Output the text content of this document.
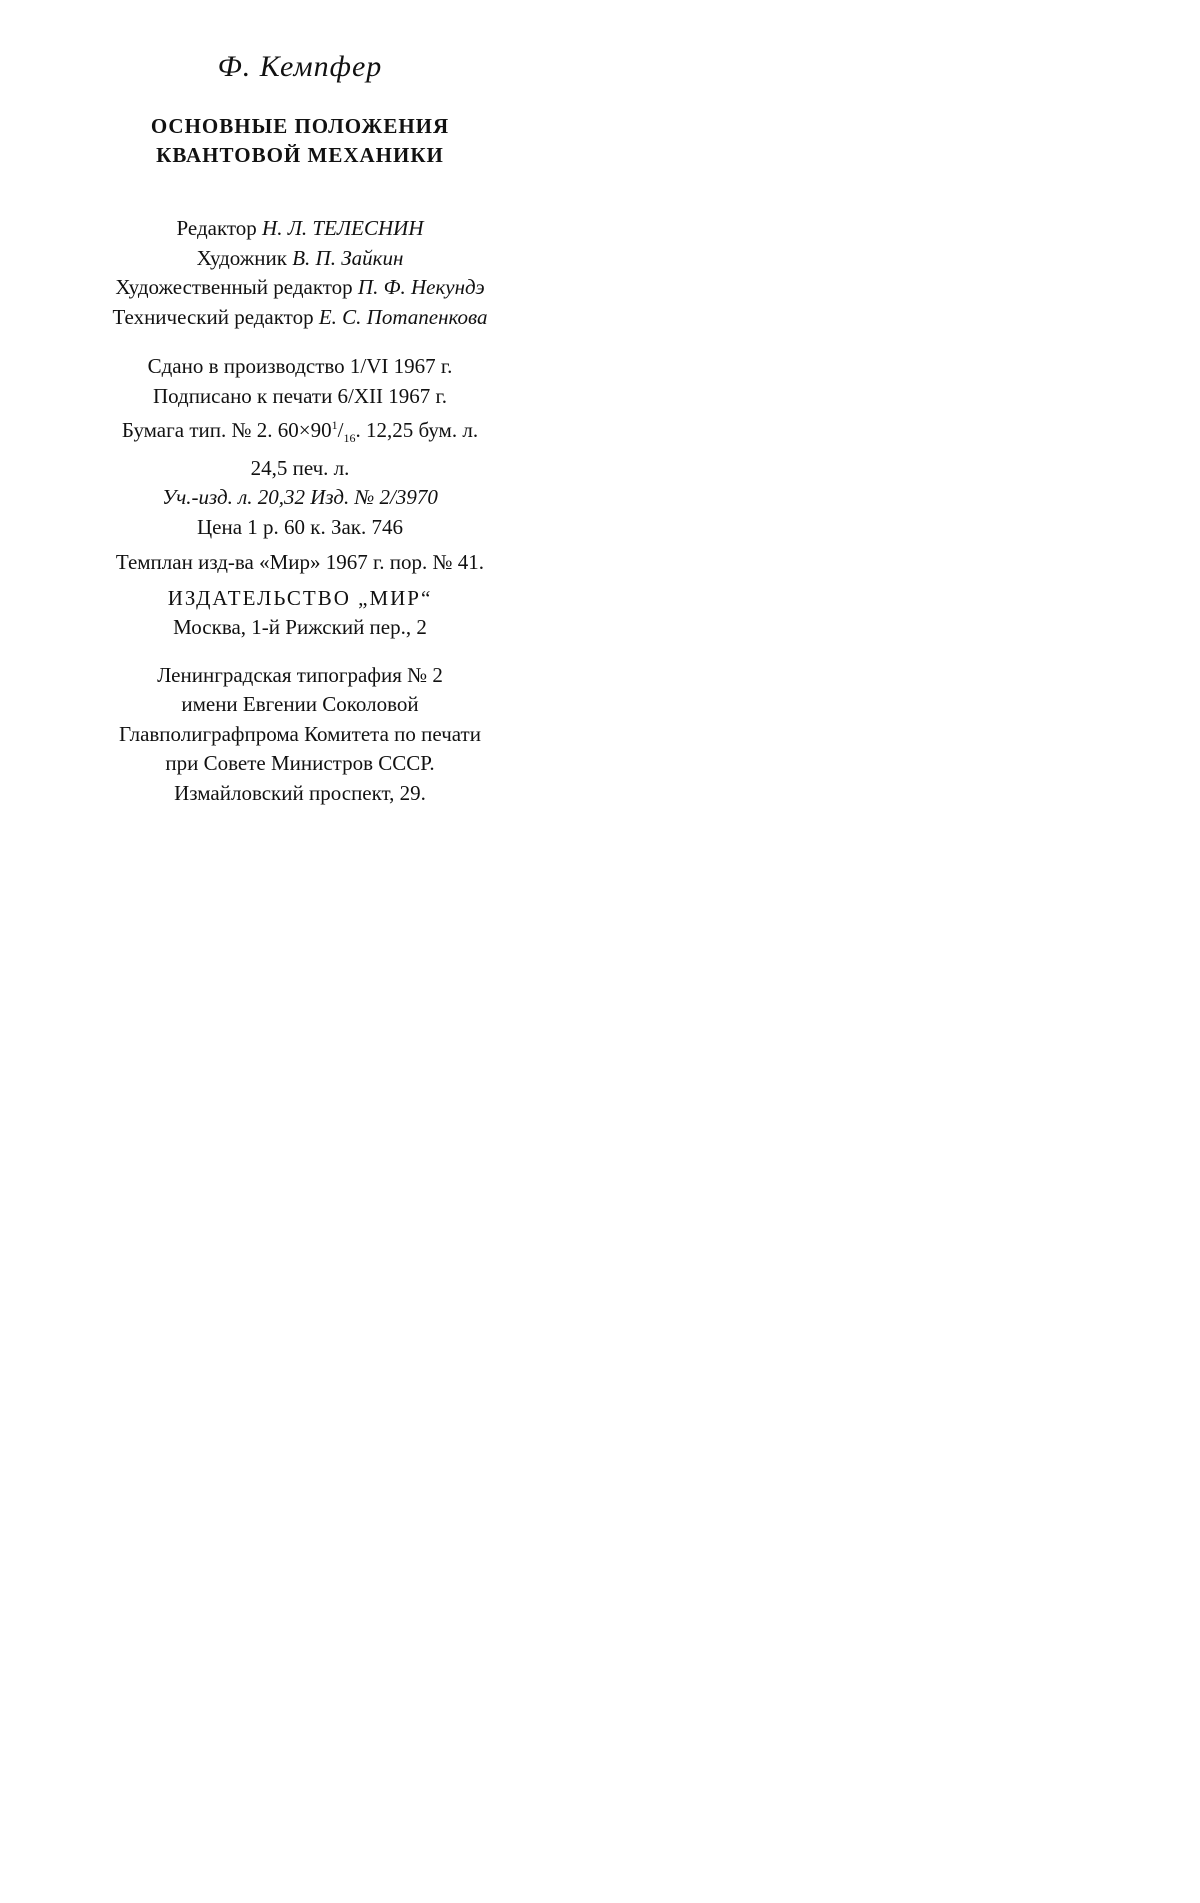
Ф. Кемпфер
ОСНОВНЫЕ ПОЛОЖЕНИЯ
КВАНТОВОЙ МЕХАНИКИ
Редактор Н. Л. ТЕЛЕСНИН
Художник В. П. Зайкин
Художественный редактор П. Ф. Некундэ
Технический редактор Е. С. Потапенкова
Сдано в производство 1/VI 1967 г.
Подписано к печати 6/XII 1967 г.
Бумага тип. № 2. $60\times 90^1/_{16}$. 12,25 бум. л.
24,5 печ. л.
Уч.-изд. л. 20,32 Изд. № 2/3970
Цена 1 р. 60 к. Зак. 746
Темплан изд-ва «Мир» 1967 г. пор. № 41.
ИЗДАТЕЛЬСТВО „МИР“
Москва, 1-й Рижский пер., 2
Ленинградская типография № 2
имени Евгении Соколовой
Главполиграфпрома Комитета по печати
при Совете Министров СССР.
Измайловский проспект, 29.
